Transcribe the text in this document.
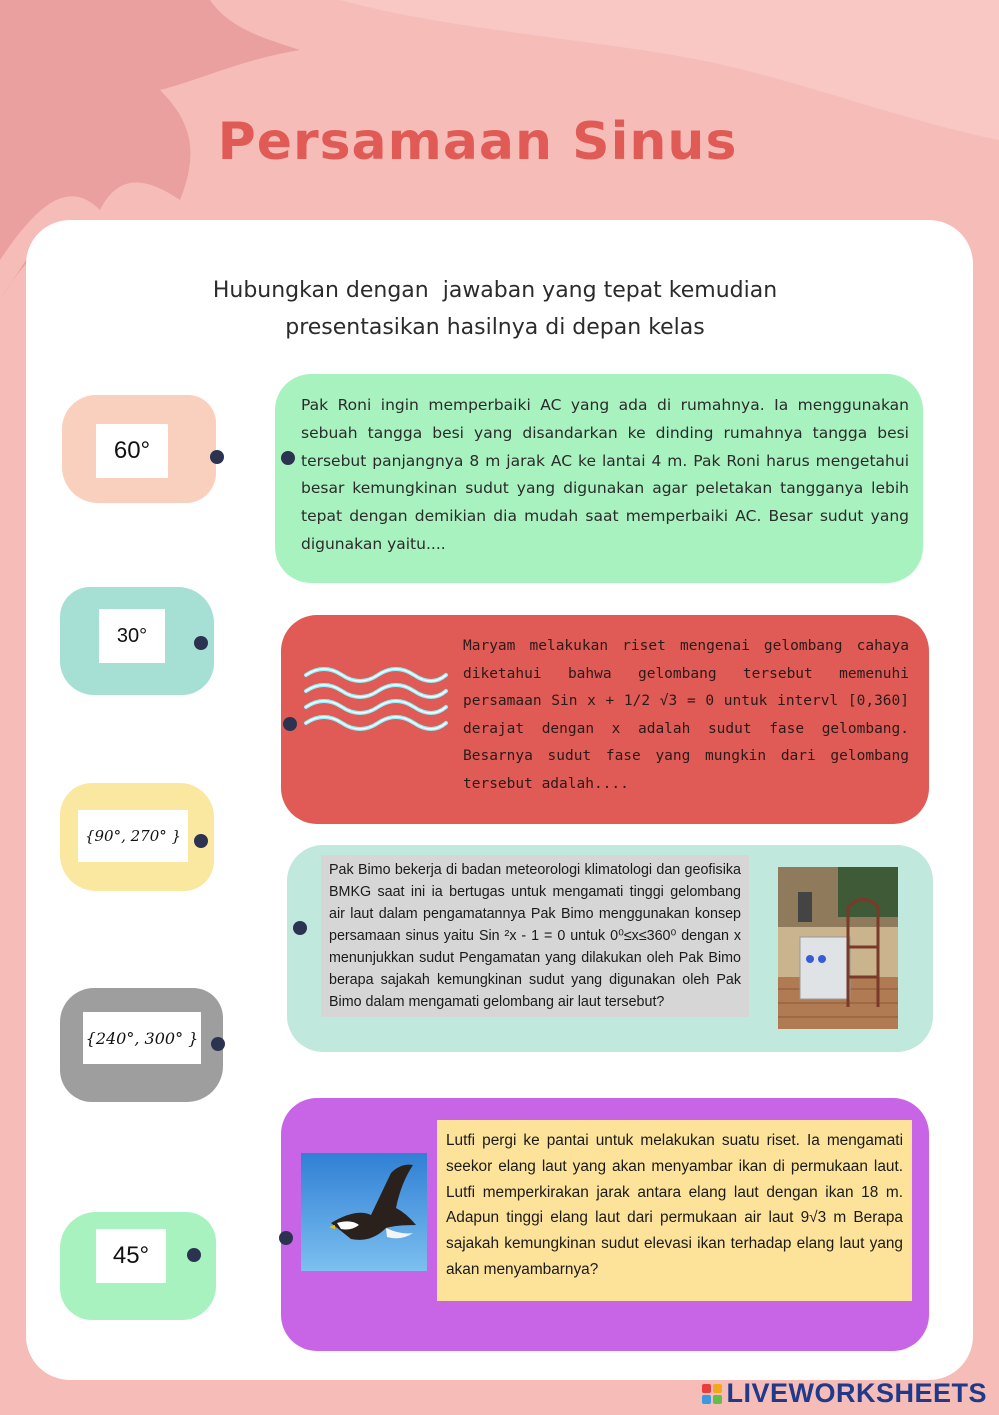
Persamaan Sinus
Hubungkan dengan  jawaban yang tepat kemudian
presentasikan hasilnya di depan kelas
60°
30°
{90°, 270° }
{240°, 300° }
45°
Pak Roni ingin memperbaiki AC yang ada di rumahnya. Ia menggunakan sebuah tangga besi yang disandarkan ke dinding rumahnya tangga besi tersebut panjangnya 8 m jarak AC ke lantai 4 m. Pak Roni harus mengetahui besar kemungkinan sudut yang digunakan agar peletakan tangganya lebih tepat dengan demikian dia mudah saat memperbaiki AC. Besar sudut yang digunakan yaitu....
Maryam melakukan riset mengenai gelombang cahaya diketahui bahwa gelombang tersebut memenuhi persamaan Sin x + 1/2 √3 = 0 untuk intervl [0,360] derajat dengan x adalah sudut fase gelombang. Besarnya sudut fase yang mungkin dari gelombang tersebut adalah....
Pak Bimo bekerja di badan meteorologi klimatologi dan geofisika BMKG saat ini ia bertugas untuk mengamati tinggi gelombang air laut dalam pengamatannya Pak Bimo menggunakan konsep persamaan sinus yaitu Sin ²x - 1 = 0 untuk 0⁰≤x≤360⁰ dengan x menunjukkan sudut Pengamatan yang dilakukan oleh Pak Bimo berapa sajakah kemungkinan sudut yang digunakan oleh Pak Bimo dalam mengamati gelombang air laut tersebut?
Lutfi pergi ke pantai untuk melakukan suatu riset. Ia mengamati seekor elang laut yang akan menyambar ikan di permukaan laut. Lutfi memperkirakan jarak antara elang laut dengan ikan 18 m. Adapun tinggi elang laut dari permukaan air laut 9√3 m Berapa sajakah kemungkinan sudut elevasi ikan terhadap elang laut yang akan menyambarnya?
LIVEWORKSHEETS
